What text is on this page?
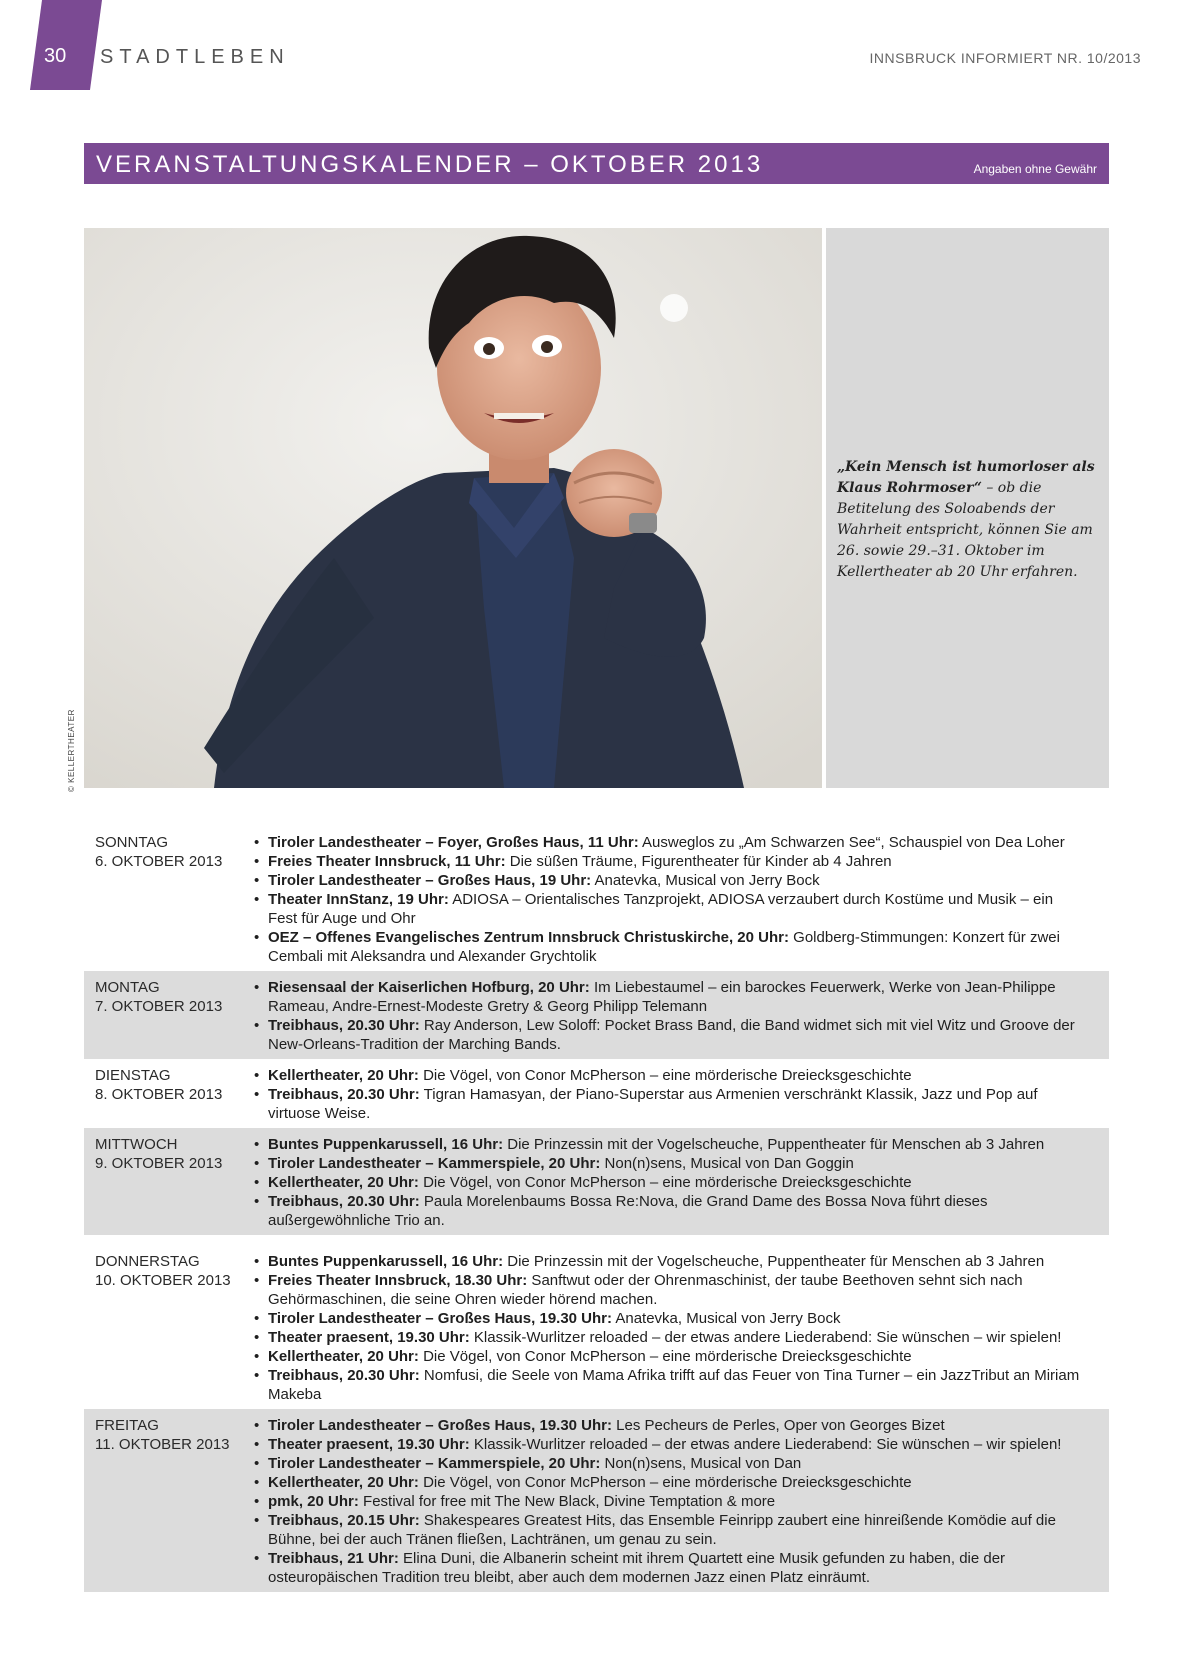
30 STADTLEBEN	INNSBRUCK INFORMIERT NR. 10/2013
VERANSTALTUNGSKALENDER – OKTOBER 2013	Angaben ohne Gewähr
© KELLERTHEATER
„Kein Mensch ist humorloser als Klaus Rohrmoser“ – ob die Betitelung des Soloabends der Wahrheit entspricht, können Sie am 26. sowie 29.–31. Oktober im Kellertheater ab 20 Uhr erfahren.
SONNTAG
6. OKTOBER 2013
• Tiroler Landestheater – Foyer, Großes Haus, 11 Uhr: Ausweglos zu „Am Schwarzen See“, Schauspiel von Dea Loher
• Freies Theater Innsbruck, 11 Uhr: Die süßen Träume, Figurentheater für Kinder ab 4 Jahren
• Tiroler Landestheater – Großes Haus, 19 Uhr: Anatevka, Musical von Jerry Bock
• Theater InnStanz, 19 Uhr: ADIOSA – Orientalisches Tanzprojekt, ADIOSA verzaubert durch Kostüme und Musik – ein Fest für Auge und Ohr
• OEZ – Offenes Evangelisches Zentrum Innsbruck Christuskirche, 20 Uhr: Goldberg-Stimmungen: Konzert für zwei Cembali mit Aleksandra und Alexander Grychtolik
MONTAG
7. OKTOBER 2013
• Riesensaal der Kaiserlichen Hofburg, 20 Uhr: Im Liebestaumel – ein barockes Feuerwerk, Werke von Jean-Philippe Rameau, Andre-Ernest-Modeste Gretry & Georg Philipp Telemann
• Treibhaus, 20.30 Uhr: Ray Anderson, Lew Soloff: Pocket Brass Band, die Band widmet sich mit viel Witz und Groove der New-Orleans-Tradition der Marching Bands.
DIENSTAG
8. OKTOBER 2013
• Kellertheater, 20 Uhr: Die Vögel, von Conor McPherson – eine mörderische Dreiecksgeschichte
• Treibhaus, 20.30 Uhr: Tigran Hamasyan, der Piano-Superstar aus Armenien verschränkt Klassik, Jazz und Pop auf virtuose Weise.
MITTWOCH
9. OKTOBER 2013
• Buntes Puppenkarussell, 16 Uhr: Die Prinzessin mit der Vogelscheuche, Puppentheater für Menschen ab 3 Jahren
• Tiroler Landestheater – Kammerspiele, 20 Uhr: Non(n)sens, Musical von Dan Goggin
• Kellertheater, 20 Uhr: Die Vögel, von Conor McPherson – eine mörderische Dreiecksgeschichte
• Treibhaus, 20.30 Uhr: Paula Morelenbaums Bossa Re:Nova, die Grand Dame des Bossa Nova führt dieses außergewöhnliche Trio an.
DONNERSTAG
10. OKTOBER 2013
• Buntes Puppenkarussell, 16 Uhr: Die Prinzessin mit der Vogelscheuche, Puppentheater für Menschen ab 3 Jahren
• Freies Theater Innsbruck, 18.30 Uhr: Sanftwut oder der Ohrenmaschinist, der taube Beethoven sehnt sich nach Gehörmaschinen, die seine Ohren wieder hörend machen.
• Tiroler Landestheater – Großes Haus, 19.30 Uhr: Anatevka, Musical von Jerry Bock
• Theater praesent, 19.30 Uhr: Klassik-Wurlitzer reloaded – der etwas andere Liederabend: Sie wünschen – wir spielen!
• Kellertheater, 20 Uhr: Die Vögel, von Conor McPherson – eine mörderische Dreiecksgeschichte
• Treibhaus, 20.30 Uhr: Nomfusi, die Seele von Mama Afrika trifft auf das Feuer von Tina Turner – ein JazzTribut an Miriam Makeba
FREITAG
11. OKTOBER 2013
• Tiroler Landestheater – Großes Haus, 19.30 Uhr: Les Pecheurs de Perles, Oper von Georges Bizet
• Theater praesent, 19.30 Uhr: Klassik-Wurlitzer reloaded – der etwas andere Liederabend: Sie wünschen – wir spielen!
• Tiroler Landestheater – Kammerspiele, 20 Uhr: Non(n)sens, Musical von Dan
• Kellertheater, 20 Uhr: Die Vögel, von Conor McPherson – eine mörderische Dreiecksgeschichte
• pmk, 20 Uhr: Festival for free mit The New Black, Divine Temptation & more
• Treibhaus, 20.15 Uhr: Shakespeares Greatest Hits, das Ensemble Feinripp zaubert eine hinreißende Komödie auf die Bühne, bei der auch Tränen fließen, Lachtränen, um genau zu sein.
• Treibhaus, 21 Uhr: Elina Duni, die Albanerin scheint mit ihrem Quartett eine Musik gefunden zu haben, die der osteuropäischen Tradition treu bleibt, aber auch dem modernen Jazz einen Platz einräumt.
